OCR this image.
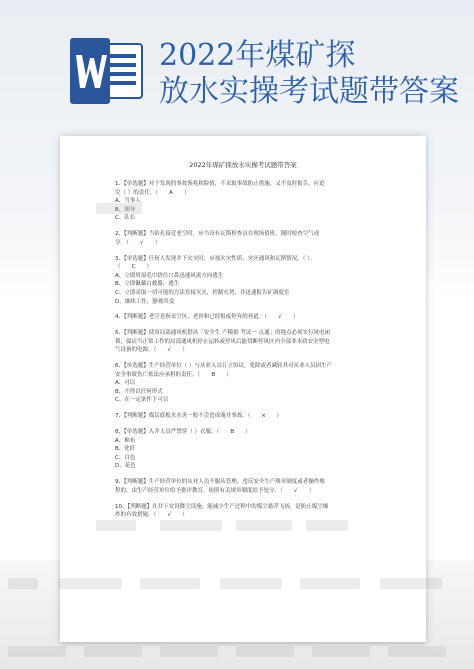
2022年煤矿探
放水实操考试题带答案
2022年煤矿探放水实操考试题带答案
1、【单选题】对于发现的事故预兆和险情，不采取事故防止措施，又不及时报告，应追
究（ ）的责任。（ A ）
A、当事人
B、领导
C、队长
2、【判断题】当钻孔接近老空时，应当设有瓦斯检查员在现场值班，随时检查空气成
分。（ √ ）
3、【单选题】任何人发现井下火灾时，应视火灾性质、灾区通风和瓦斯情况，（ ）。
（ C ）
A、立即用湿毛巾捂住口鼻迅速风流方向逃生
B、立即佩戴自救器，逃生
C、立即采取一切可能的方法直接灭火，控制火势，并迅速报告矿调度室
D、继续工作，静观其变
4、【判断题】老空是指采空区、老窖和已经报废停弃的巷道。（ √ ）
5、【判断题】使用局部通风机供风「安全生 产模拟 考试一 点通」的地点必须实行风电闭
锁，保证当正常工作的局部通风机停止运转或停风后能切断停风区内全部非本质安全型电
气设备的电源。（ √ ）
6、【单选题】生产经营单位（ ）与从业人员订立协议，免除或者减轻其对从业人员因生产
安全事故伤亡依法应承担的责任。（ B ）
A、可以
B、不得以任何形式
C、在一定条件下可以
7、【判断题】煤层底板水水害一般不会造成淹井事故。（ × ）
8、【单选题】入井人员严禁穿（ ）衣服。（ B ）
A、棉布
B、化纤
C、白色
D、花色
9、【判断题】生产经营单位的从业人员不服从管理，违反安全生产规章制度或者操作规
程的，由生产经营单位给予批评教育，依照有关规章制度给予处分。（ √ ）
10、【判断题】在井下安设降尘设施，能减少生产过程中的煤尘悬浮飞扬，是防止煤尘爆
炸的有效措施。（ √ ）
